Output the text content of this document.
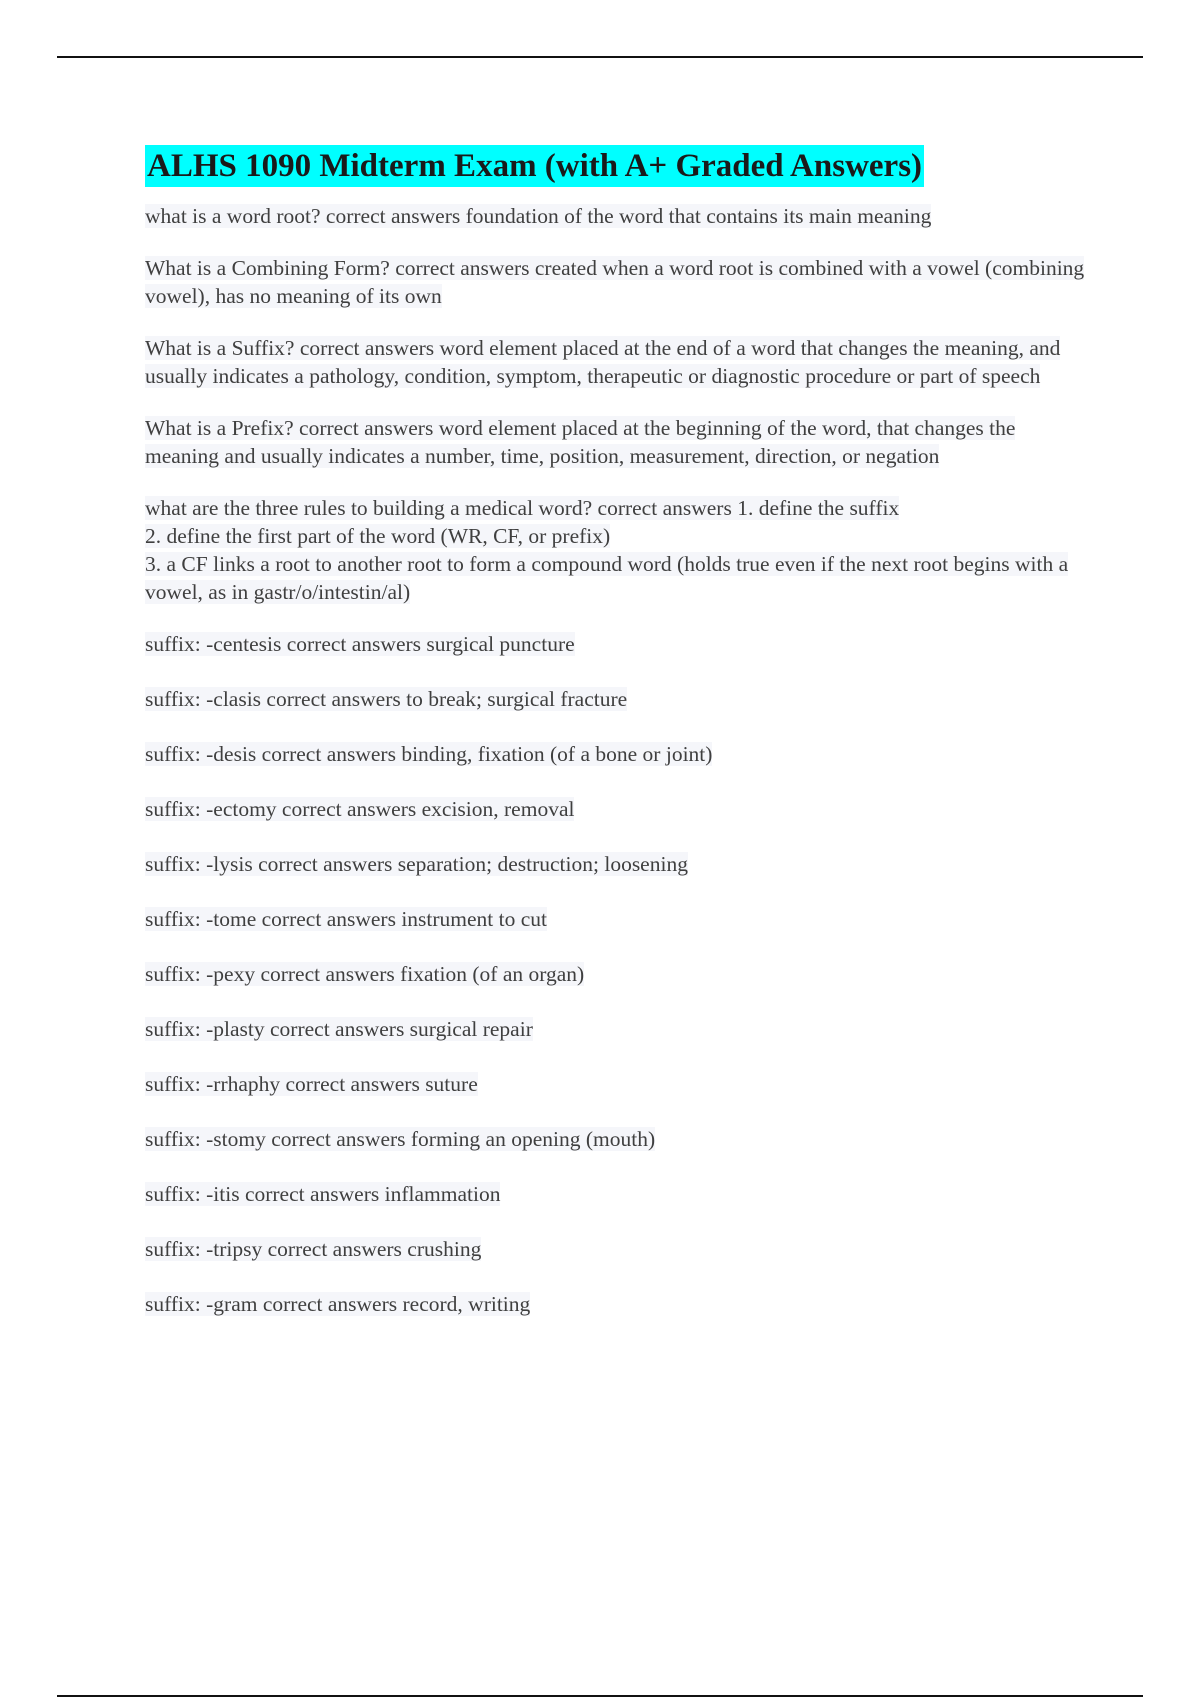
ALHS 1090 Midterm Exam (with A+ Graded Answers)
what is a word root? correct answers foundation of the word that contains its main meaning
What is a Combining Form? correct answers created when a word root is combined with a vowel (combining vowel), has no meaning of its own
What is a Suffix? correct answers word element placed at the end of a word that changes the meaning, and usually indicates a pathology, condition, symptom, therapeutic or diagnostic procedure or part of speech
What is a Prefix? correct answers word element placed at the beginning of the word, that changes the meaning and usually indicates a number, time, position, measurement, direction, or negation
what are the three rules to building a medical word? correct answers 1. define the suffix
2. define the first part of the word (WR, CF, or prefix)
3. a CF links a root to another root to form a compound word (holds true even if the next root begins with a vowel, as in gastr/o/intestin/al)
suffix: -centesis correct answers surgical puncture
suffix: -clasis correct answers to break; surgical fracture
suffix: -desis correct answers binding, fixation (of a bone or joint)
suffix: -ectomy correct answers excision, removal
suffix: -lysis correct answers separation; destruction; loosening
suffix: -tome correct answers instrument to cut
suffix: -pexy correct answers fixation (of an organ)
suffix: -plasty correct answers surgical repair
suffix: -rrhaphy correct answers suture
suffix: -stomy correct answers forming an opening (mouth)
suffix: -itis correct answers inflammation
suffix: -tripsy correct answers crushing
suffix: -gram correct answers record, writing
